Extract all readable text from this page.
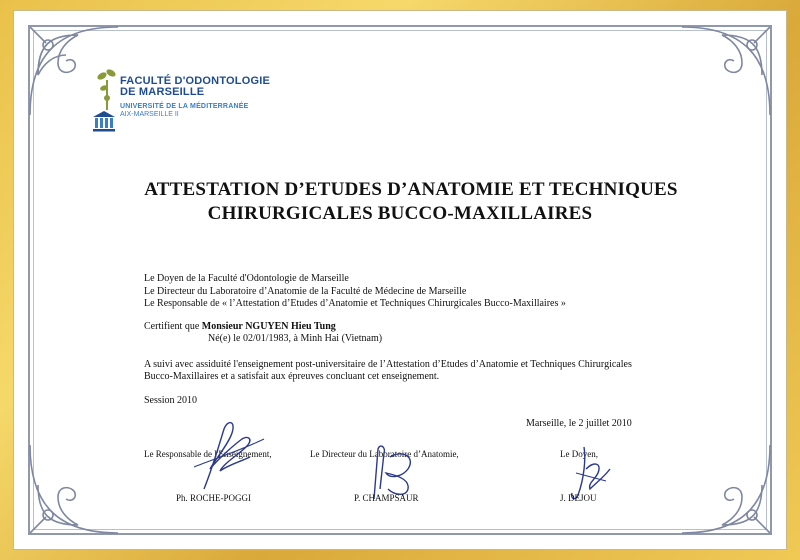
FACULTÉ D'ODONTOLOGIE
DE MARSEILLE
UNIVERSITÉ DE LA MÉDITERRANÉE
AIX-MARSEILLE II
ATTESTATION D’ETUDES D’ANATOMIE ET TECHNIQUES
CHIRURGICALES BUCCO-MAXILLAIRES
Le Doyen de la Faculté d'Odontologie de Marseille
Le Directeur du Laboratoire d’Anatomie de la Faculté de Médecine de Marseille
Le Responsable de « l’Attestation d’Etudes d’Anatomie et Techniques Chirurgicales Bucco-Maxillaires »
Certifient que Monsieur NGUYEN Hieu Tung
Né(e) le 02/01/1983, à Minh Hai (Vietnam)
A suivi avec assiduité l'enseignement post-universitaire de l’Attestation d’Etudes d’Anatomie et Techniques Chirurgicales
Bucco-Maxillaires et a satisfait aux épreuves concluant cet enseignement.
Session 2010
Marseille, le 2 juillet 2010
Le Responsable de l'Enseignement,	Le Directeur du Laboratoire d’Anatomie,	Le Doyen,
Ph. ROCHE-POGGI	P. CHAMPSAUR	J. DEJOU
